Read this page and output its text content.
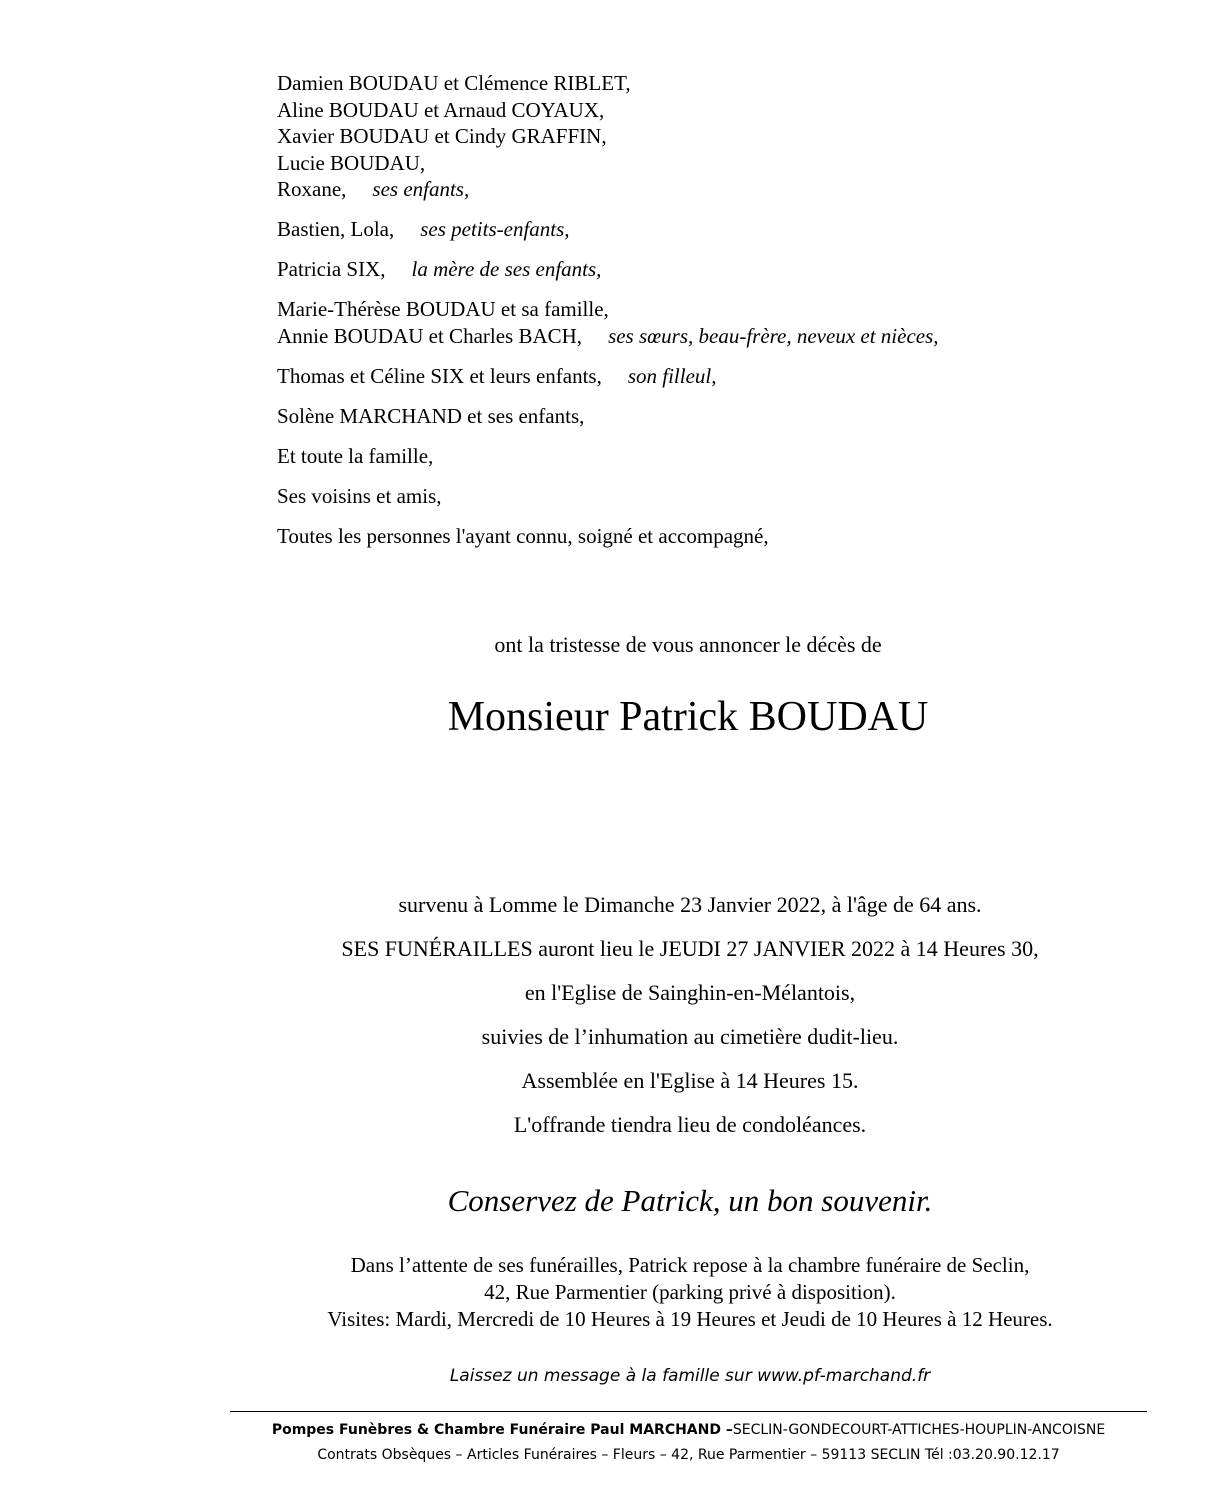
Damien BOUDAU et Clémence RIBLET,
Aline BOUDAU et Arnaud COYAUX,
Xavier BOUDAU et Cindy GRAFFIN,
Lucie BOUDAU,
Roxane, ses enfants,
Bastien, Lola, ses petits-enfants,
Patricia SIX, la mère de ses enfants,
Marie-Thérèse BOUDAU et sa famille,
Annie BOUDAU et Charles BACH, ses sœurs, beau-frère, neveux et nièces,
Thomas et Céline SIX et leurs enfants, son filleul,
Solène MARCHAND et ses enfants,
Et toute la famille,
Ses voisins et amis,
Toutes les personnes l'ayant connu, soigné et accompagné,
ont la tristesse de vous annoncer le décès de
Monsieur Patrick BOUDAU
survenu à Lomme le Dimanche 23 Janvier 2022, à l'âge de 64 ans.
SES FUNÉRAILLES auront lieu le JEUDI 27 JANVIER 2022 à 14 Heures 30,
en l'Eglise de Sainghin-en-Mélantois,
suivies de l’inhumation au cimetière dudit-lieu.
Assemblée en l'Eglise à 14 Heures 15.
L'offrande tiendra lieu de condoléances.
Conservez de Patrick, un bon souvenir.
Dans l’attente de ses funérailles, Patrick repose à la chambre funéraire de Seclin,
42, Rue Parmentier (parking privé à disposition).
Visites: Mardi, Mercredi de 10 Heures à 19 Heures et Jeudi de 10 Heures à 12 Heures.
Laissez un message à la famille sur www.pf-marchand.fr
Pompes Funèbres & Chambre Funéraire Paul MARCHAND –SECLIN-GONDECOURT-ATTICHES-HOUPLIN-ANCOISNE
Contrats Obsèques – Articles Funéraires – Fleurs – 42, Rue Parmentier – 59113 SECLIN Tél :03.20.90.12.17
